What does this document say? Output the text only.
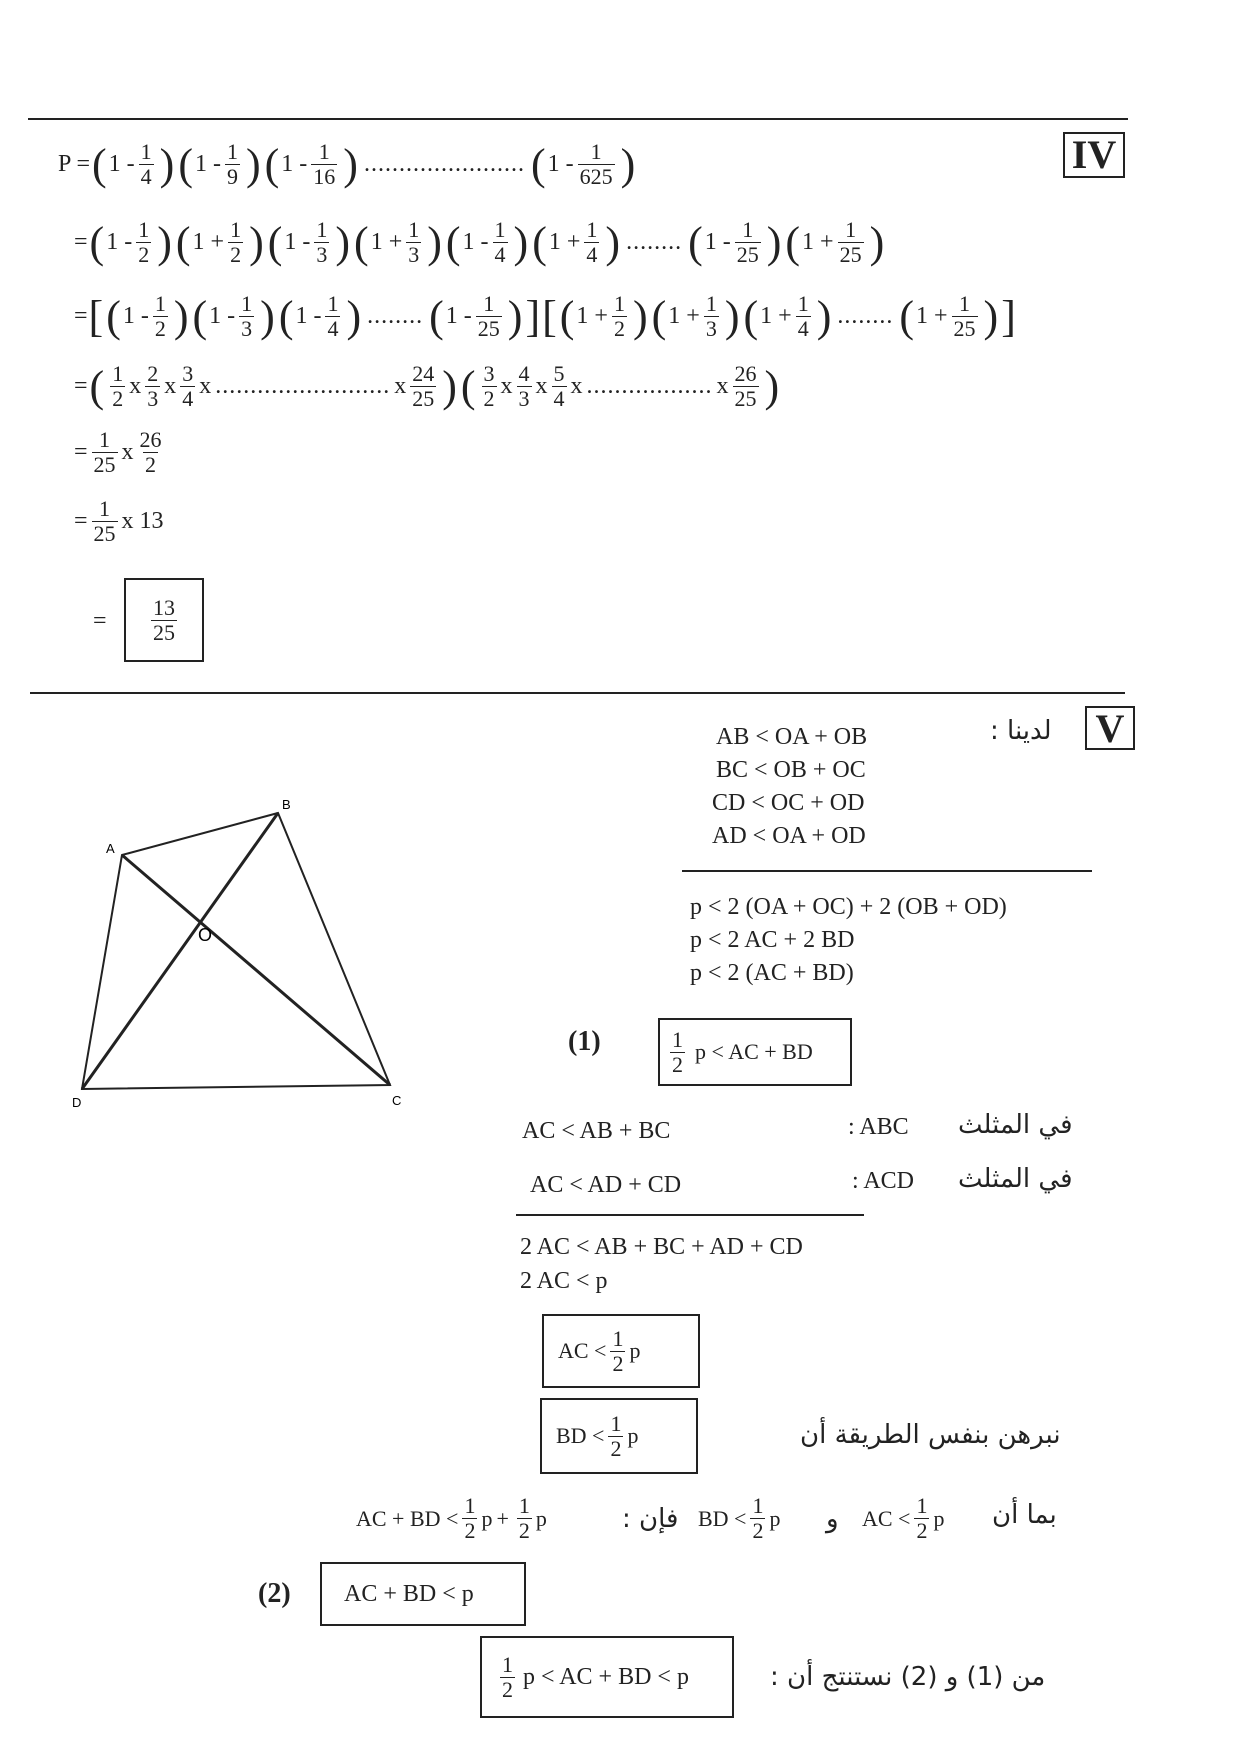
IV
P = ( $1 - \frac{1}{4}$ ) ( $1 - \frac{1}{9}$ ) ( $1 - \frac{1}{16}$ ) ....................... ( $1 - \frac{1}{625}$ )
= ( $1 - \frac{1}{2}$ ) ( $1 + \frac{1}{2}$ ) ( $1 - \frac{1}{3}$ ) ( $1 + \frac{1}{3}$ ) ( $1 - \frac{1}{4}$ ) ( $1 + \frac{1}{4}$ ) ........ ( $1 - \frac{1}{25}$ ) ( $1 + \frac{1}{25}$ )
= [ ( $1 - \frac{1}{2}$ ) ( $1 - \frac{1}{3}$ ) ( $1 - \frac{1}{4}$ ) ........ ( $1 - \frac{1}{25}$ ) ] [ ( $1 + \frac{1}{2}$ ) ( $1 + \frac{1}{3}$ ) ( $1 + \frac{1}{4}$ ) ........ ( $1 + \frac{1}{25}$ ) ]
= ( $\frac{1}{2}$ x $\frac{2}{3}$ x $\frac{3}{4}$ x ......................... x $\frac{24}{25}$ ) ( $\frac{3}{2}$ x $\frac{4}{3}$ x $\frac{5}{4}$ x .................. x $\frac{26}{25}$ )
= $\frac{1}{25}$ x $\frac{26}{2}$
= $\frac{1}{25}$ x 13
= $\frac{13}{25}$
V
لدينا :
AB < OA + OB
BC < OB + OC
CD < OC + OD
AD < OA + OD
p < 2 (OA + OC) + 2 (OB + OD)
p < 2 AC + 2 BD
p < 2 (AC + BD)
(1)	$\frac{1}{2}$ p < AC + BD
في المثلث
: ABC
AC < AB + BC
في المثلث
: ACD
AC < AD + CD
2 AC < AB + BC + AD + CD
2 AC < p
AC < $\frac{1}{2}$ p
BD < $\frac{1}{2}$ p	نبرهن بنفس الطريقة أن
بما أن
AC < $\frac{1}{2}$ p
و
BD < $\frac{1}{2}$ p
فإن :
AC + BD < $\frac{1}{2}$ $p + \frac{1}{2}$ p
(2)	AC + BD < p
$\frac{1}{2}$ p < AC + BD < p	من (1) و (2) نستنتج أن :
A
B
C
D
O
